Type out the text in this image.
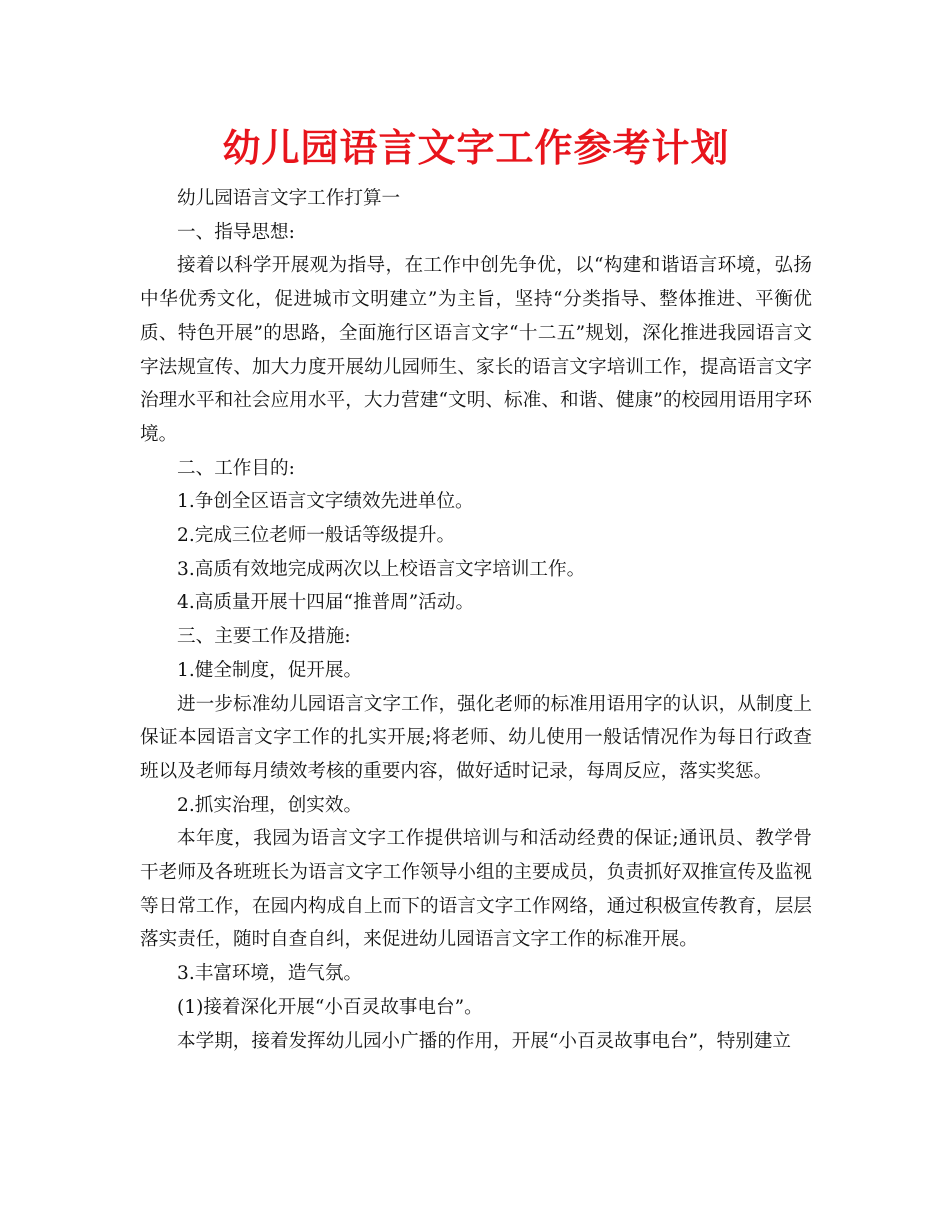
幼儿园语言文字工作参考计划

幼儿园语言文字工作打算一

一、指导思想:

接着以科学开展观为指导，在工作中创先争优，以“构建和谐语言环境，弘扬中华优秀文化，促进城市文明建立”为主旨，坚持“分类指导、整体推进、平衡优质、特色开展”的思路，全面施行区语言文字“十二五”规划，深化推进我园语言文字法规宣传、加大力度开展幼儿园师生、家长的语言文字培训工作，提高语言文字治理水平和社会应用水平，大力营建“文明、标准、和谐、健康”的校园用语用字环境。

二、工作目的:

1.争创全区语言文字绩效先进单位。

2.完成三位老师一般话等级提升。

3.高质有效地完成两次以上校语言文字培训工作。

4.高质量开展十四届“推普周”活动。

三、主要工作及措施:

1.健全制度，促开展。

进一步标准幼儿园语言文字工作，强化老师的标准用语用字的认识，从制度上保证本园语言文字工作的扎实开展;将老师、幼儿使用一般话情况作为每日行政查班以及老师每月绩效考核的重要内容，做好适时记录，每周反应，落实奖惩。

2.抓实治理，创实效。

本年度，我园为语言文字工作提供培训与和活动经费的保证;通讯员、教学骨干老师及各班班长为语言文字工作领导小组的主要成员，负责抓好双推宣传及监视等日常工作，在园内构成自上而下的语言文字工作网络，通过积极宣传教育，层层落实责任，随时自查自纠，来促进幼儿园语言文字工作的标准开展。

3.丰富环境，造气氛。

(1)接着深化开展“小百灵故事电台”。

本学期，接着发挥幼儿园小广播的作用，开展“小百灵故事电台”，特别建立
